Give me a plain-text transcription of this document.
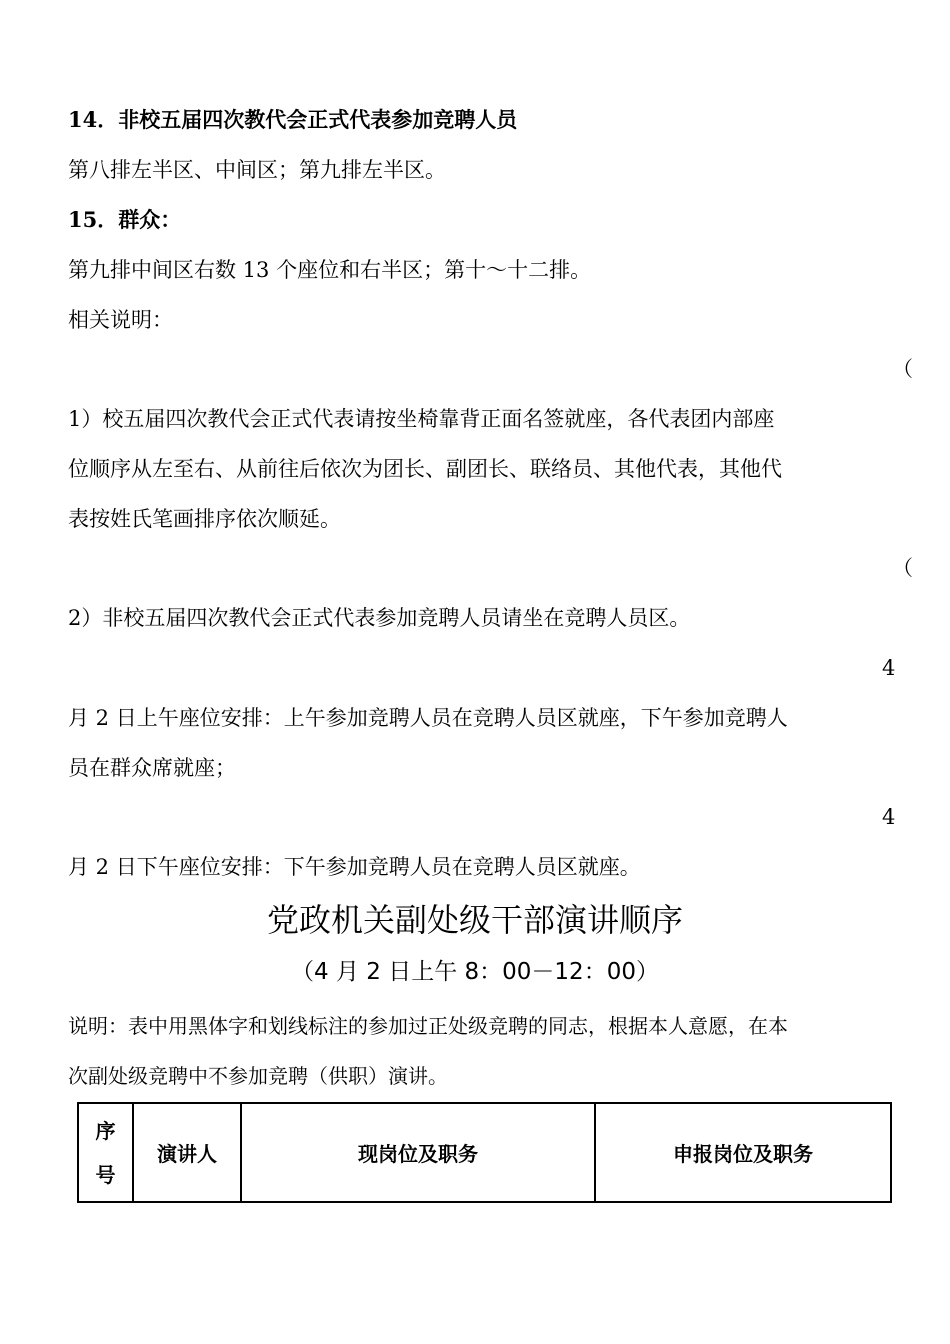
14．非校五届四次教代会正式代表参加竞聘人员
第八排左半区、中间区；第九排左半区。
15．群众：
第九排中间区右数 13 个座位和右半区；第十～十二排。
相关说明：
（
1）校五届四次教代会正式代表请按坐椅靠背正面名签就座，各代表团内部座
位顺序从左至右、从前往后依次为团长、副团长、联络员、其他代表，其他代
表按姓氏笔画排序依次顺延。
（
2）非校五届四次教代会正式代表参加竞聘人员请坐在竞聘人员区。
4
月 2 日上午座位安排：上午参加竞聘人员在竞聘人员区就座，下午参加竞聘人
员在群众席就座；
4
月 2 日下午座位安排：下午参加竞聘人员在竞聘人员区就座。
党政机关副处级干部演讲顺序
（4 月 2 日上午 8：00－12：00）
说明：表中用黑体字和划线标注的参加过正处级竞聘的同志，根据本人意愿，在本
次副处级竞聘中不参加竞聘（供职）演讲。
序
号
	演讲人	现岗位及职务	申报岗位及职务
